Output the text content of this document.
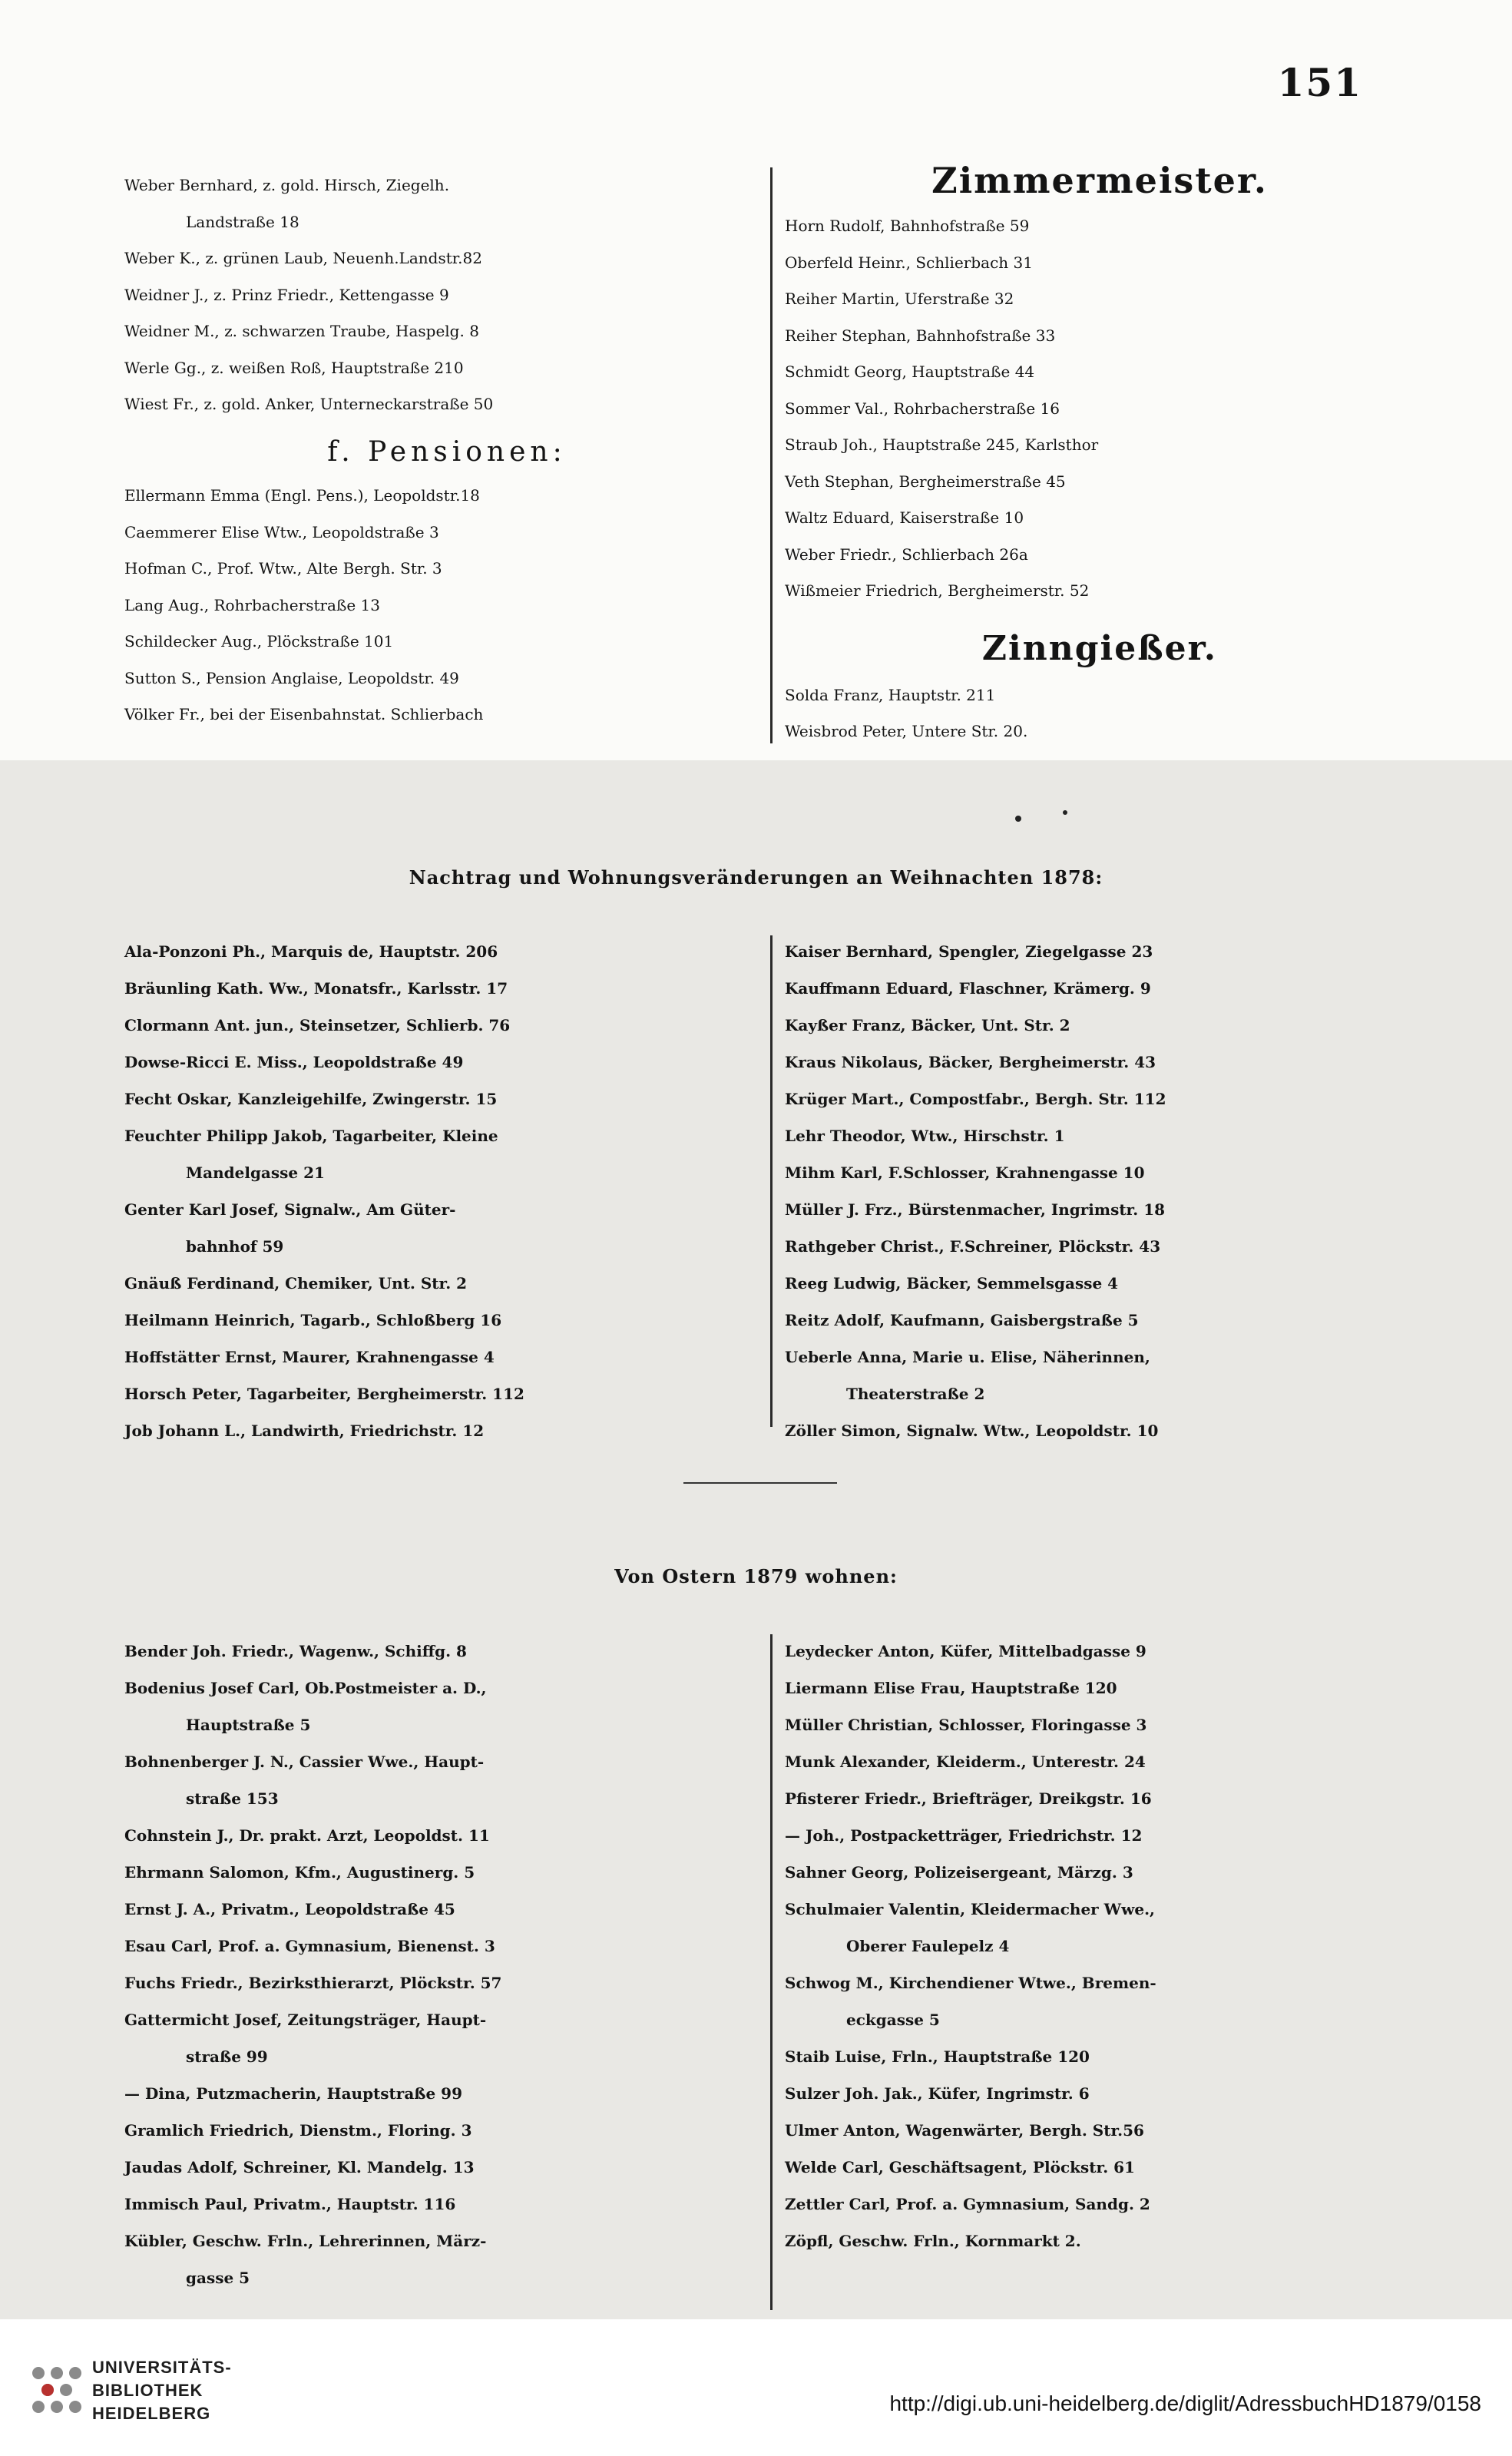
151
Weber Bernhard, z. gold. Hirsch, Ziegelh.
Landstraße 18
Weber K., z. grünen Laub, Neuenh.Landstr.82
Weidner J., z. Prinz Friedr., Kettengasse 9
Weidner M., z. schwarzen Traube, Haspelg. 8
Werle Gg., z. weißen Roß, Hauptstraße 210
Wiest Fr., z. gold. Anker, Unterneckarstraße 50
f. Pensionen:
Ellermann Emma (Engl. Pens.), Leopoldstr.18
Caemmerer Elise Wtw., Leopoldstraße 3
Hofman C., Prof. Wtw., Alte Bergh. Str. 3
Lang Aug., Rohrbacherstraße 13
Schildecker Aug., Plöckstraße 101
Sutton S., Pension Anglaise, Leopoldstr. 49
Völker Fr., bei der Eisenbahnstat. Schlierbach
Zimmermeister.
Horn Rudolf, Bahnhofstraße 59
Oberfeld Heinr., Schlierbach 31
Reiher Martin, Uferstraße 32
Reiher Stephan, Bahnhofstraße 33
Schmidt Georg, Hauptstraße 44
Sommer Val., Rohrbacherstraße 16
Straub Joh., Hauptstraße 245, Karlsthor
Veth Stephan, Bergheimerstraße 45
Waltz Eduard, Kaiserstraße 10
Weber Friedr., Schlierbach 26a
Wißmeier Friedrich, Bergheimerstr. 52
Zinngießer.
Solda Franz, Hauptstr. 211
Weisbrod Peter, Untere Str. 20.
Nachtrag und Wohnungsveränderungen an Weihnachten 1878:
Ala-Ponzoni Ph., Marquis de, Hauptstr. 206
Bräunling Kath. Ww., Monatsfr., Karlsstr. 17
Clormann Ant. jun., Steinsetzer, Schlierb. 76
Dowse-Ricci E. Miss., Leopoldstraße 49
Fecht Oskar, Kanzleigehilfe, Zwingerstr. 15
Feuchter Philipp Jakob, Tagarbeiter, Kleine
Mandelgasse 21
Genter Karl Josef, Signalw., Am Güter-
bahnhof 59
Gnäuß Ferdinand, Chemiker, Unt. Str. 2
Heilmann Heinrich, Tagarb., Schloßberg 16
Hoffstätter Ernst, Maurer, Krahnengasse 4
Horsch Peter, Tagarbeiter, Bergheimerstr. 112
Job Johann L., Landwirth, Friedrichstr. 12
Kaiser Bernhard, Spengler, Ziegelgasse 23
Kauffmann Eduard, Flaschner, Krämerg. 9
Kayßer Franz, Bäcker, Unt. Str. 2
Kraus Nikolaus, Bäcker, Bergheimerstr. 43
Krüger Mart., Compostfabr., Bergh. Str. 112
Lehr Theodor, Wtw., Hirschstr. 1
Mihm Karl, F.Schlosser, Krahnengasse 10
Müller J. Frz., Bürstenmacher, Ingrimstr. 18
Rathgeber Christ., F.Schreiner, Plöckstr. 43
Reeg Ludwig, Bäcker, Semmelsgasse 4
Reitz Adolf, Kaufmann, Gaisbergstraße 5
Ueberle Anna, Marie u. Elise, Näherinnen,
Theaterstraße 2
Zöller Simon, Signalw. Wtw., Leopoldstr. 10
Von Ostern 1879 wohnen:
Bender Joh. Friedr., Wagenw., Schiffg. 8
Bodenius Josef Carl, Ob.Postmeister a. D.,
Hauptstraße 5
Bohnenberger J. N., Cassier Wwe., Haupt-
straße 153
Cohnstein J., Dr. prakt. Arzt, Leopoldst. 11
Ehrmann Salomon, Kfm., Augustinerg. 5
Ernst J. A., Privatm., Leopoldstraße 45
Esau Carl, Prof. a. Gymnasium, Bienenst. 3
Fuchs Friedr., Bezirksthierarzt, Plöckstr. 57
Gattermicht Josef, Zeitungsträger, Haupt-
straße 99
— Dina, Putzmacherin, Hauptstraße 99
Gramlich Friedrich, Dienstm., Floring. 3
Jaudas Adolf, Schreiner, Kl. Mandelg. 13
Immisch Paul, Privatm., Hauptstr. 116
Kübler, Geschw. Frln., Lehrerinnen, März-
gasse 5
Leydecker Anton, Küfer, Mittelbadgasse 9
Liermann Elise Frau, Hauptstraße 120
Müller Christian, Schlosser, Floringasse 3
Munk Alexander, Kleiderm., Unterestr. 24
Pfisterer Friedr., Briefträger, Dreikgstr. 16
— Joh., Postpacketträger, Friedrichstr. 12
Sahner Georg, Polizeisergeant, Märzg. 3
Schulmaier Valentin, Kleidermacher Wwe.,
Oberer Faulepelz 4
Schwog M., Kirchendiener Wtwe., Bremen-
eckgasse 5
Staib Luise, Frln., Hauptstraße 120
Sulzer Joh. Jak., Küfer, Ingrimstr. 6
Ulmer Anton, Wagenwärter, Bergh. Str.56
Welde Carl, Geschäftsagent, Plöckstr. 61
Zettler Carl, Prof. a. Gymnasium, Sandg. 2
Zöpfl, Geschw. Frln., Kornmarkt 2.
UNIVERSITÄTS-
BIBLIOTHEK
HEIDELBERG	http://digi.ub.uni-heidelberg.de/diglit/AdressbuchHD1879/0158
